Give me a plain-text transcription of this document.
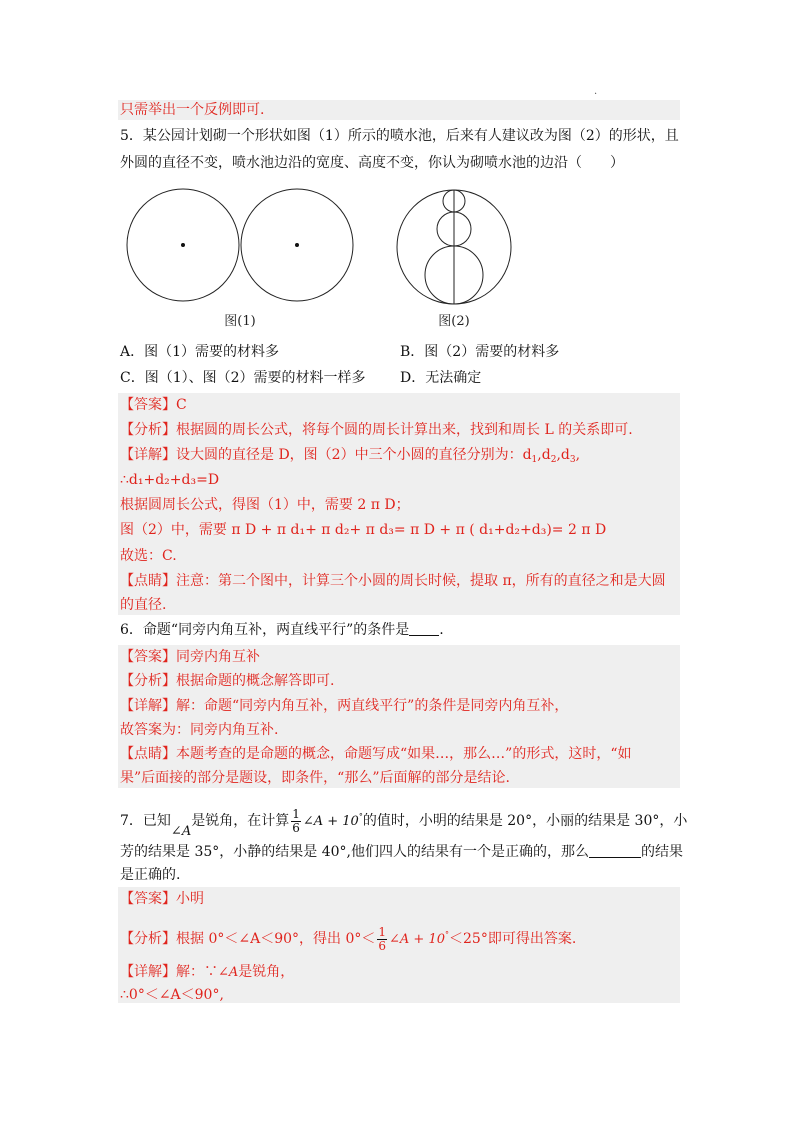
.
只需举出一个反例即可.
5．某公园计划砌一个形状如图（1）所示的喷水池，后来有人建议改为图（2）的形状，且
外圆的直径不变，喷水池边沿的宽度、高度不变，你认为砌喷水池的边沿（　　）
图(1)	图(2)
A．图（1）需要的材料多	B．图（2）需要的材料多
C．图（1）、图（2）需要的材料一样多 D．无法确定
【答案】C
【分析】根据圆的周长公式，将每个圆的周长计算出来，找到和周长 L 的关系即可.
【详解】设大圆的直径是 D，图（2）中三个小圆的直径分别为：$d_1,d_2,d_3$,
∴d₁+d₂+d₃=D
根据圆周长公式，得图（1）中，需要 2 π D；
图（2）中，需要 π D + π d₁+ π d₂+ π d₃= π D + π ( d₁+d₂+d₃)= 2 π D
故选：C.
【点睛】注意：第二个图中，计算三个小圆的周长时候，提取 π，所有的直径之和是大圆
的直径.
6．命题“同旁内角互补，两直线平行”的条件是 .
【答案】同旁内角互补
【分析】根据命题的概念解答即可.
【详解】解：命题“同旁内角互补，两直线平行”的条件是同旁内角互补，
故答案为：同旁内角互补.
【点睛】本题考查的是命题的概念，命题写成“如果…，那么…”的形式，这时，“如
果”后面接的部分是题设，即条件，“那么”后面解的部分是结论.
7．已知∠A是锐角，在计算 $\frac{1}{6}$ ∠A + 10°的值时，小明的结果是 20°，小丽的结果是 30°，小
芳的结果是 35°，小静的结果是 40°,他们四人的结果有一个是正确的，那么	的结果
是正确的.
【答案】小明
【分析】根据 0°＜∠A＜90°，得出 $0^\circ< \frac{1}{6}$ ∠A + 10°＜25°即可得出答案.
【详解】解：∵∠A是锐角，
∴0°＜∠A＜90°,
